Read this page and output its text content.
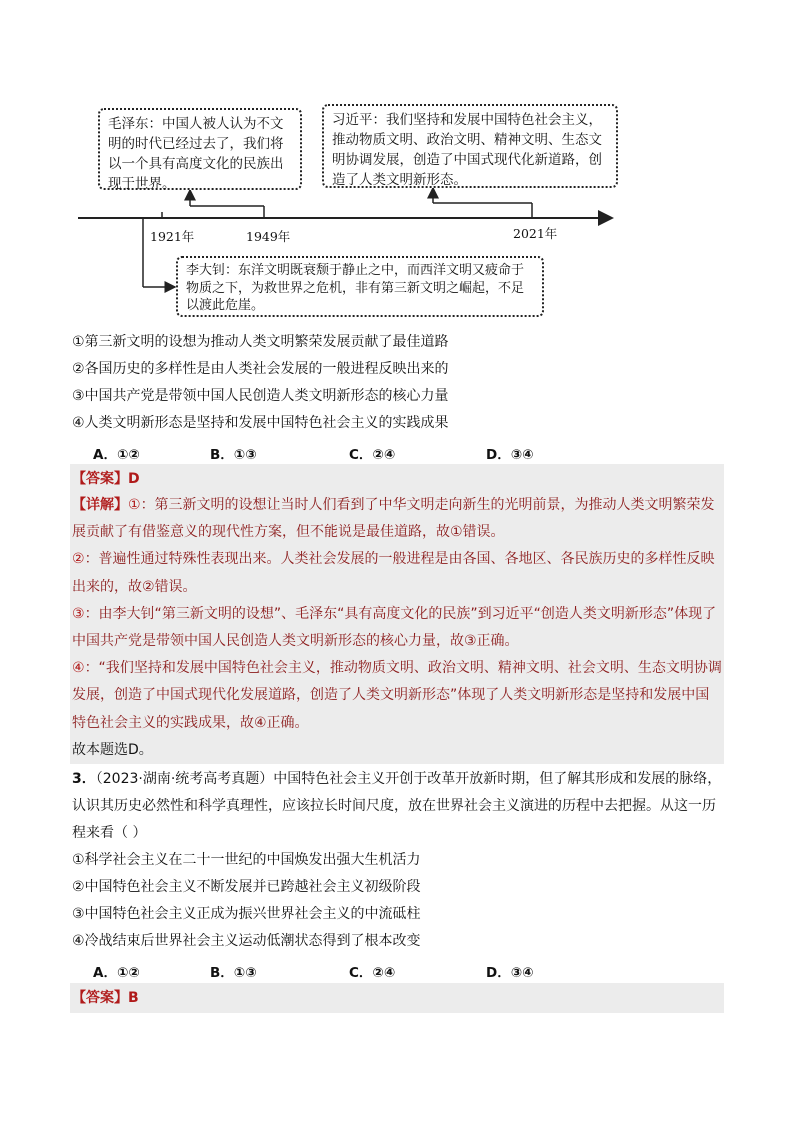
毛泽东：中国人被人认为不文明的时代已经过去了，我们将以一个具有高度文化的民族出现于世界。
习近平：我们坚持和发展中国特色社会主义，推动物质文明、政治文明、精神文明、生态文明协调发展，创造了中国式现代化新道路，创造了人类文明新形态。
李大钊：东洋文明既衰颓于静止之中，而西洋文明又疲命于物质之下，为救世界之危机，非有第三新文明之崛起，不足以渡此危崖。
1921年	1949年	2021年
①第三新文明的设想为推动人类文明繁荣发展贡献了最佳道路
②各国历史的多样性是由人类社会发展的一般进程反映出来的
③中国共产党是带领中国人民创造人类文明新形态的核心力量
④人类文明新形态是坚持和发展中国特色社会主义的实践成果
A．①②	B．①③	C．②④	D．③④
【答案】D

【详解】①：第三新文明的设想让当时人们看到了中华文明走向新生的光明前景，为推动人类文明繁荣发展贡献了有借鉴意义的现代性方案，但不能说是最佳道路，故①错误。

②：普遍性通过特殊性表现出来。人类社会发展的一般进程是由各国、各地区、各民族历史的多样性反映出来的，故②错误。

③：由李大钊“第三新文明的设想”、毛泽东“具有高度文化的民族”到习近平“创造人类文明新形态”体现了中国共产党是带领中国人民创造人类文明新形态的核心力量，故③正确。

④：“我们坚持和发展中国特色社会主义，推动物质文明、政治文明、精神文明、社会文明、生态文明协调发展，创造了中国式现代化发展道路，创造了人类文明新形态”体现了人类文明新形态是坚持和发展中国特色社会主义的实践成果，故④正确。

故本题选D。

3．（2023·湖南·统考高考真题）中国特色社会主义开创于改革开放新时期，但了解其形成和发展的脉络，认识其历史必然性和科学真理性，应该拉长时间尺度，放在世界社会主义演进的历程中去把握。从这一历程来看（ ）

①科学社会主义在二十一世纪的中国焕发出强大生机活力
②中国特色社会主义不断发展并已跨越社会主义初级阶段
③中国特色社会主义正成为振兴世界社会主义的中流砥柱
④冷战结束后世界社会主义运动低潮状态得到了根本改变
A．①②	B．①③	C．②④	D．③④
【答案】B
